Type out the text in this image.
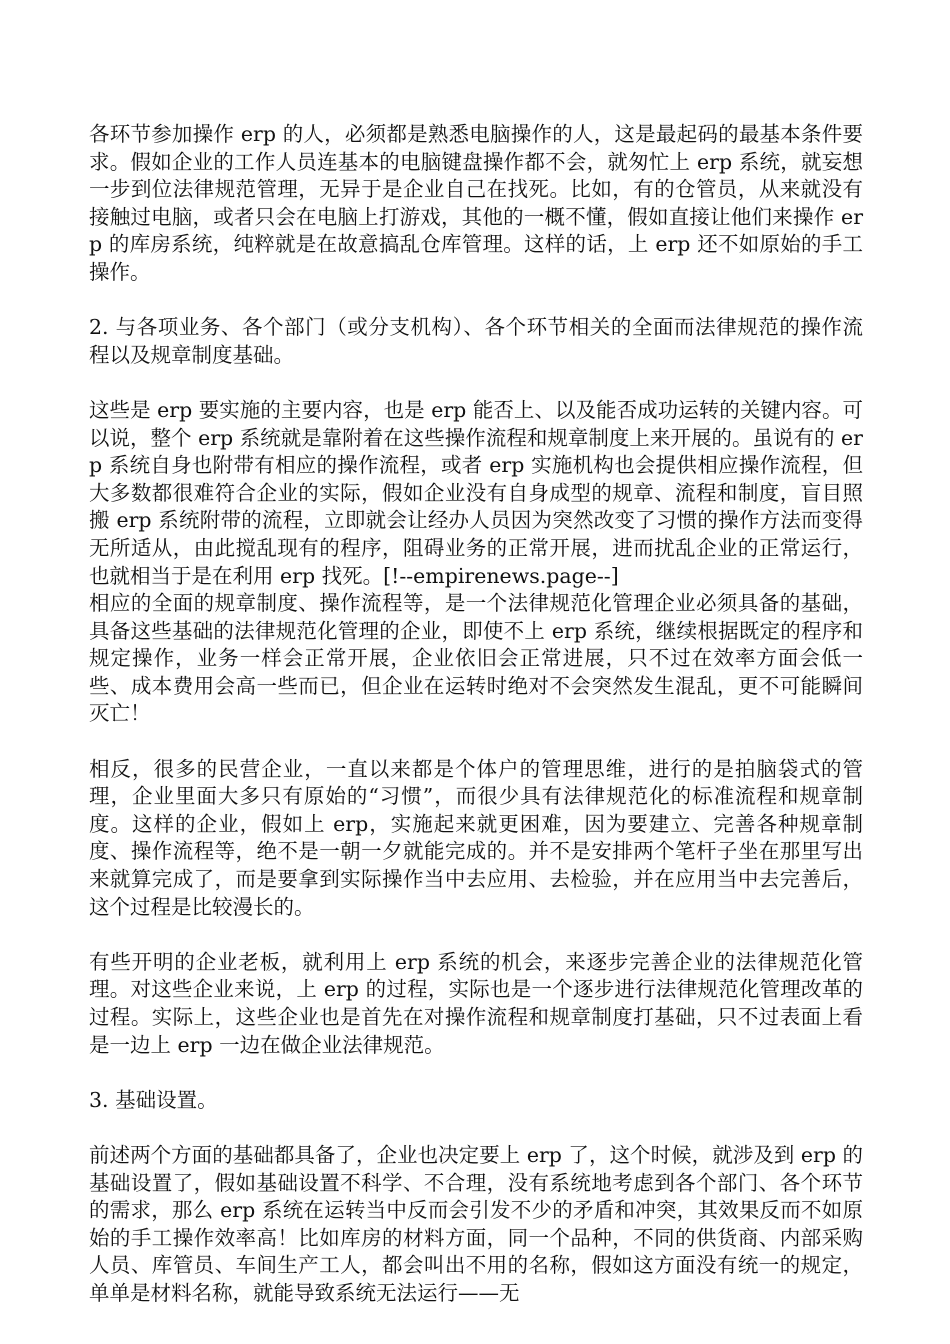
各环节参加操作 erp 的人，必须都是熟悉电脑操作的人，这是最起码的最基本条件要求。假如企业的工作人员连基本的电脑键盘操作都不会，就匆忙上 erp 系统，就妄想一步到位法律规范管理，无异于是企业自己在找死。比如，有的仓管员，从来就没有接触过电脑，或者只会在电脑上打游戏，其他的一概不懂，假如直接让他们来操作 erp 的库房系统，纯粹就是在故意搞乱仓库管理。这样的话，上 erp 还不如原始的手工操作。

2. 与各项业务、各个部门（或分支机构）、各个环节相关的全面而法律规范的操作流程以及规章制度基础。

这些是 erp 要实施的主要内容，也是 erp 能否上、以及能否成功运转的关键内容。可以说，整个 erp 系统就是靠附着在这些操作流程和规章制度上来开展的。虽说有的 erp 系统自身也附带有相应的操作流程，或者 erp 实施机构也会提供相应操作流程，但大多数都很难符合企业的实际，假如企业没有自身成型的规章、流程和制度，盲目照搬 erp 系统附带的流程，立即就会让经办人员因为突然改变了习惯的操作方法而变得无所适从，由此搅乱现有的程序，阻碍业务的正常开展，进而扰乱企业的正常运行，也就相当于是在利用 erp 找死。[!--empirenews.page--]

相应的全面的规章制度、操作流程等，是一个法律规范化管理企业必须具备的基础，具备这些基础的法律规范化管理的企业，即使不上 erp 系统，继续根据既定的程序和规定操作，业务一样会正常开展，企业依旧会正常进展，只不过在效率方面会低一些、成本费用会高一些而已，但企业在运转时绝对不会突然发生混乱，更不可能瞬间灭亡！

相反，很多的民营企业，一直以来都是个体户的管理思维，进行的是拍脑袋式的管理，企业里面大多只有原始的“习惯”，而很少具有法律规范化的标准流程和规章制度。这样的企业，假如上 erp，实施起来就更困难，因为要建立、完善各种规章制度、操作流程等，绝不是一朝一夕就能完成的。并不是安排两个笔杆子坐在那里写出来就算完成了，而是要拿到实际操作当中去应用、去检验，并在应用当中去完善后，这个过程是比较漫长的。

有些开明的企业老板，就利用上 erp 系统的机会，来逐步完善企业的法律规范化管理。对这些企业来说，上 erp 的过程，实际也是一个逐步进行法律规范化管理改革的过程。实际上，这些企业也是首先在对操作流程和规章制度打基础，只不过表面上看是一边上 erp 一边在做企业法律规范。

3. 基础设置。

前述两个方面的基础都具备了，企业也决定要上 erp 了，这个时候，就涉及到 erp 的基础设置了，假如基础设置不科学、不合理，没有系统地考虑到各个部门、各个环节的需求，那么 erp 系统在运转当中反而会引发不少的矛盾和冲突，其效果反而不如原始的手工操作效率高！比如库房的材料方面，同一个品种，不同的供货商、内部采购人员、库管员、车间生产工人，都会叫出不用的名称，假如这方面没有统一的规定，单单是材料名称，就能导致系统无法运行——无
